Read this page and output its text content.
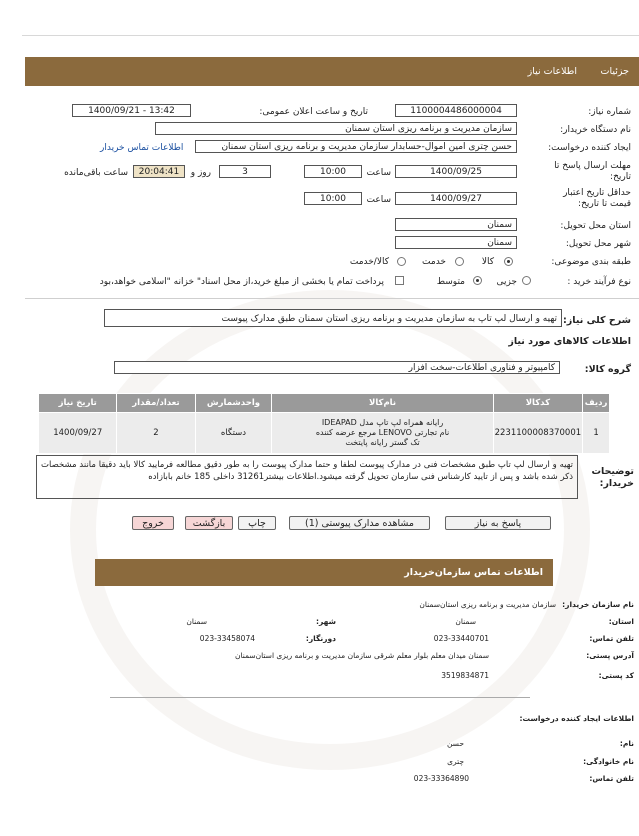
جزئیات
اطلاعات نیاز
شماره نیاز:
1100004486000004
تاریخ و ساعت اعلان عمومی:
1400/09/21 - 13:42
نام دستگاه خریدار:
سازمان مدیریت و برنامه ریزی استان سمنان
ایجاد کننده درخواست:
حسن چتری امین اموال-حسابدار سازمان مدیریت و برنامه ریزی استان سمنان
اطلاعات تماس خریدار
مهلت ارسال پاسخ تا تاریخ:
1400/09/25
ساعت
10:00
3
روز و
20:04:41
ساعت باقی‌مانده
حداقل تاریخ اعتبار قیمت تا تاریخ:
1400/09/27
ساعت
10:00
استان محل تحویل:
سمنان
شهر محل تحویل:
سمنان
طبقه بندی موضوعی:
کالا
خدمت
کالا/خدمت
نوع فرآیند خرید :
جزیی
متوسط
پرداخت تمام یا بخشی از مبلغ خرید،از محل اسناد" خزانه "اسلامی خواهد،بود
شرح کلی نیاز:
تهیه و ارسال لپ تاپ به سازمان مدیریت و برنامه ریزی استان سمنان طبق مدارک پیوست
اطلاعات کالاهای مورد نیاز
گروه کالا:
کامپیوتر و فناوری اطلاعات-سخت افزار
ردیف	کدکالا	نام‌کالا	واحدشمارش	تعداد/مقدار	تاریخ نیاز
1	2231100008370001	رایانه همراه لپ تاپ مدل IDEAPAD
نام تجارتی LENOVO مرجع عرضه کننده
تک گستر رایانه پایتخت	دستگاه	2	1400/09/27
توضیحات خریدار:
تهیه و ارسال لپ تاپ طبق مشخصات فنی در مدارک پیوست لطفا و حتما مدارک پیوست را به طور دقیق مطالعه فرمایید کالا باید دقیقا مانند مشخصات ذکر شده باشد و پس از تایید کارشناس فنی سازمان تحویل گرفته میشود.اطلاعات بیشتر31261 داخلی 185 خانم بابازاده
پاسخ به نیاز
مشاهده مدارک پیوستی (1)
چاپ
بازگشت
خروج
اطلاعات تماس سازمان‌خریدار
نام سازمان خریدار:
سازمان مدیریت و برنامه ریزی استان‌سمنان
استان:
سمنان
شهر:
سمنان
تلفن تماس:
023-33440701
دورنگار:
023-33458074
آدرس پستی:
سمنان میدان معلم بلوار معلم شرقی سازمان مدیریت و برنامه ریزی استان‌سمنان
کد پستی:
3519834871
اطلاعات ایجاد کننده درخواست:
نام:
حسن
نام خانوادگی:
چتری
تلفن تماس:
023-33364890
